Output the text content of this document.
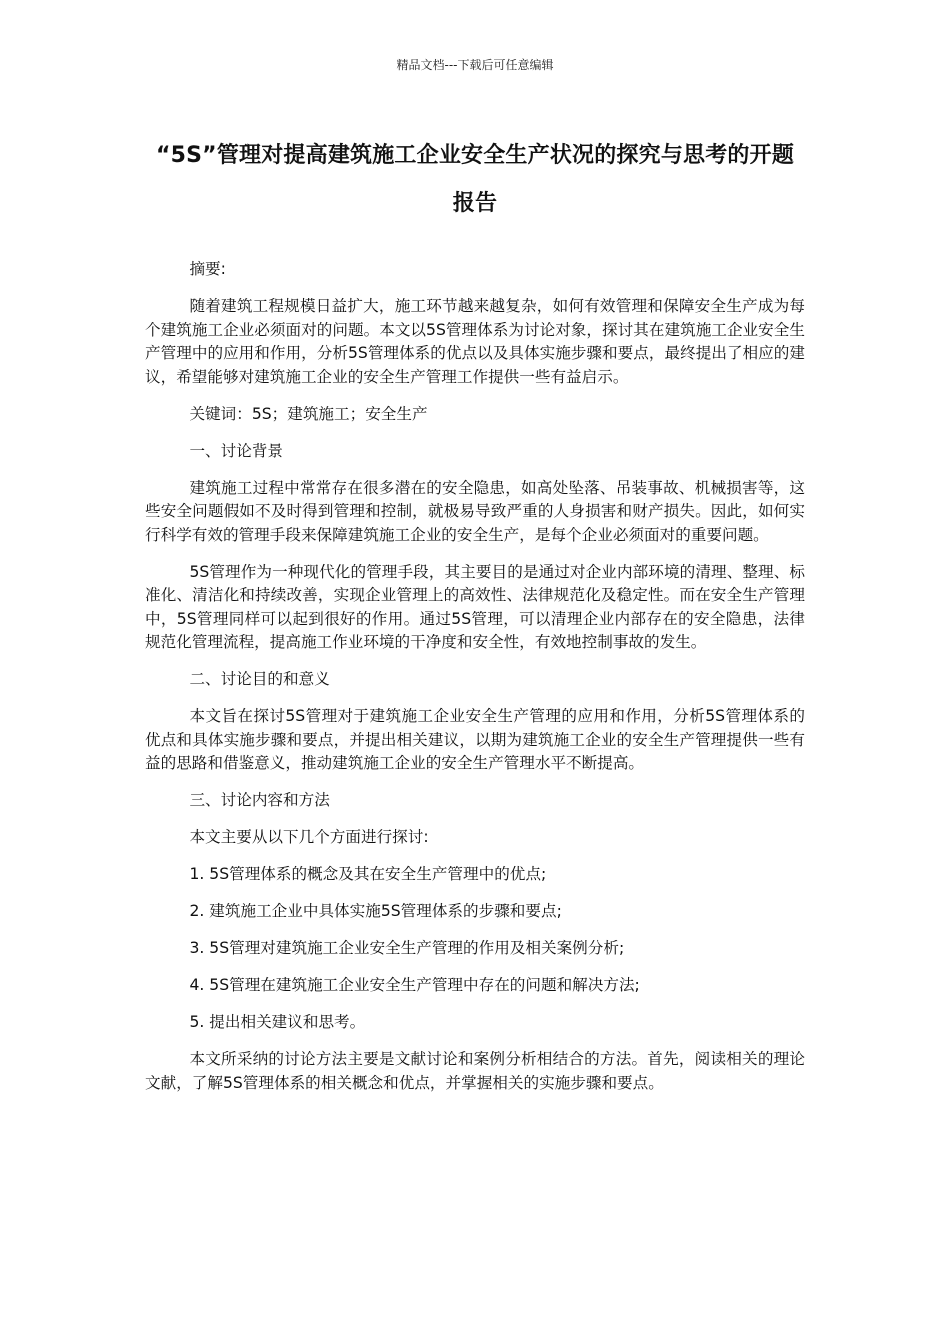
精品文档---下载后可任意编辑
“5S”管理对提高建筑施工企业安全生产状况的探究与思考的开题报告

摘要:

随着建筑工程规模日益扩大，施工环节越来越复杂，如何有效管理和保障安全生产成为每个建筑施工企业必须面对的问题。本文以5S管理体系为讨论对象，探讨其在建筑施工企业安全生产管理中的应用和作用，分析5S管理体系的优点以及具体实施步骤和要点，最终提出了相应的建议，希望能够对建筑施工企业的安全生产管理工作提供一些有益启示。

关键词：5S；建筑施工；安全生产

一、讨论背景

建筑施工过程中常常存在很多潜在的安全隐患，如高处坠落、吊装事故、机械损害等，这些安全问题假如不及时得到管理和控制，就极易导致严重的人身损害和财产损失。因此，如何实行科学有效的管理手段来保障建筑施工企业的安全生产，是每个企业必须面对的重要问题。

5S管理作为一种现代化的管理手段，其主要目的是通过对企业内部环境的清理、整理、标准化、清洁化和持续改善，实现企业管理上的高效性、法律规范化及稳定性。而在安全生产管理中，5S管理同样可以起到很好的作用。通过5S管理，可以清理企业内部存在的安全隐患，法律规范化管理流程，提高施工作业环境的干净度和安全性，有效地控制事故的发生。

二、讨论目的和意义

本文旨在探讨5S管理对于建筑施工企业安全生产管理的应用和作用，分析5S管理体系的优点和具体实施步骤和要点，并提出相关建议，以期为建筑施工企业的安全生产管理提供一些有益的思路和借鉴意义，推动建筑施工企业的安全生产管理水平不断提高。

三、讨论内容和方法

本文主要从以下几个方面进行探讨:

1. 5S管理体系的概念及其在安全生产管理中的优点;

2. 建筑施工企业中具体实施5S管理体系的步骤和要点;

3. 5S管理对建筑施工企业安全生产管理的作用及相关案例分析;

4. 5S管理在建筑施工企业安全生产管理中存在的问题和解决方法;

5. 提出相关建议和思考。

本文所采纳的讨论方法主要是文献讨论和案例分析相结合的方法。首先，阅读相关的理论文献，了解5S管理体系的相关概念和优点，并掌握相关的实施步骤和要点。
